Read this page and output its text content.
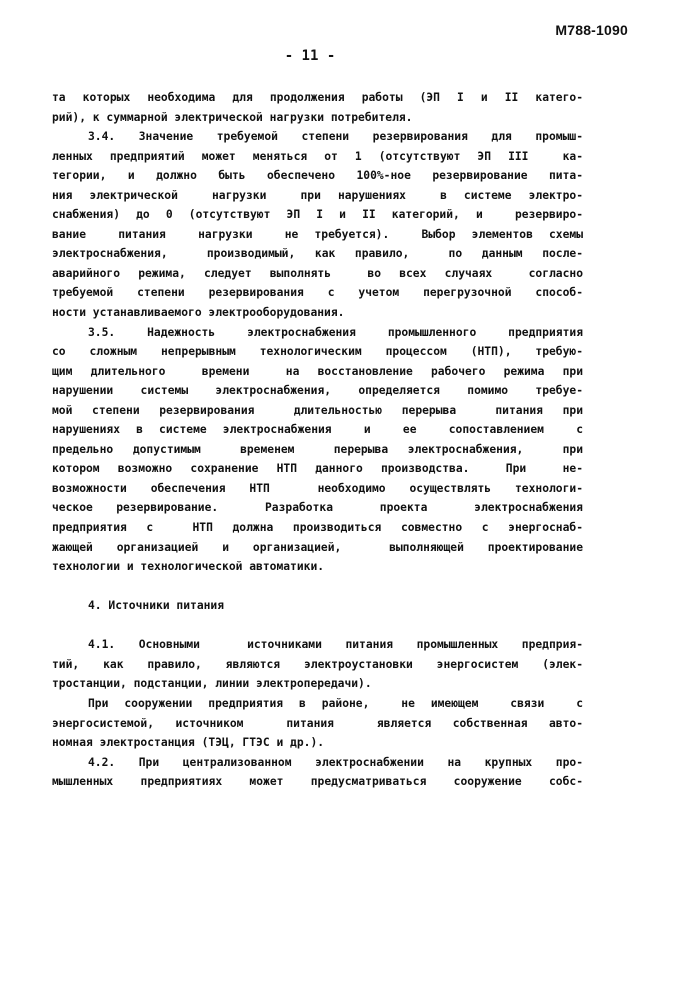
М788-1090
- 11 -
та которых необходима для продолжения работы (ЭП I и II катего-
рий), к суммарной электрической нагрузки потребителя.
3.4. Значение требуемой степени резервирования для промыш-
ленных предприятий может меняться от 1 (отсутствуют ЭП III  ка-
тегории, и должно быть обеспечено 100%-ное резервирование пита-
ния электрической  нагрузки  при нарушениях  в системе электро-
снабжения) до 0 (отсутствуют ЭП I и II категорий, и  резервиро-
вание  питания  нагрузки  не требуется).  Выбор элементов схемы
электроснабжения,  производимый, как правило,  по данным после-
аварийного режима, следует выполнять  во всех случаях  согласно
требуемой степени резервирования с учетом перегрузочной способ-
ности устанавливаемого электрооборудования.
3.5. Надежность электроснабжения промышленного предприятия
со сложным непрерывным технологическим процессом (НТП), требую-
щим длительного  времени  на восстановление рабочего режима при
нарушении системы электроснабжения, определяется помимо требуе-
мой степени резервирования  длительностью перерыва  питания при
нарушениях в системе электроснабжения  и  ее  сопоставлением  с
предельно допустимым  временем  перерыва электроснабжения,  при
котором возможно сохранение НТП данного производства.  При  не-
возможности обеспечения НТП  необходимо осуществлять технологи-
ческое резервирование.  Разработка  проекта  электроснабжения
предприятия с  НТП должна производиться совместно с энергоснаб-
жающей организацией и организацией,  выполняющей проектирование
технологии и технологической автоматики.
4. Источники питания
4.1. Основными  источниками питания промышленных предприя-
тий, как правило, являются электроустановки энергосистем (элек-
тростанции, подстанции, линии электропередачи).
При сооружении предприятия в районе,  не имеющем  связи  с
энергосистемой, источником  питания  является собственная авто-
номная электростанция (ТЭЦ, ГТЭС и др.).
4.2. При централизованном электроснабжении на крупных про-
мышленных предприятиях может предусматриваться сооружение собс-
